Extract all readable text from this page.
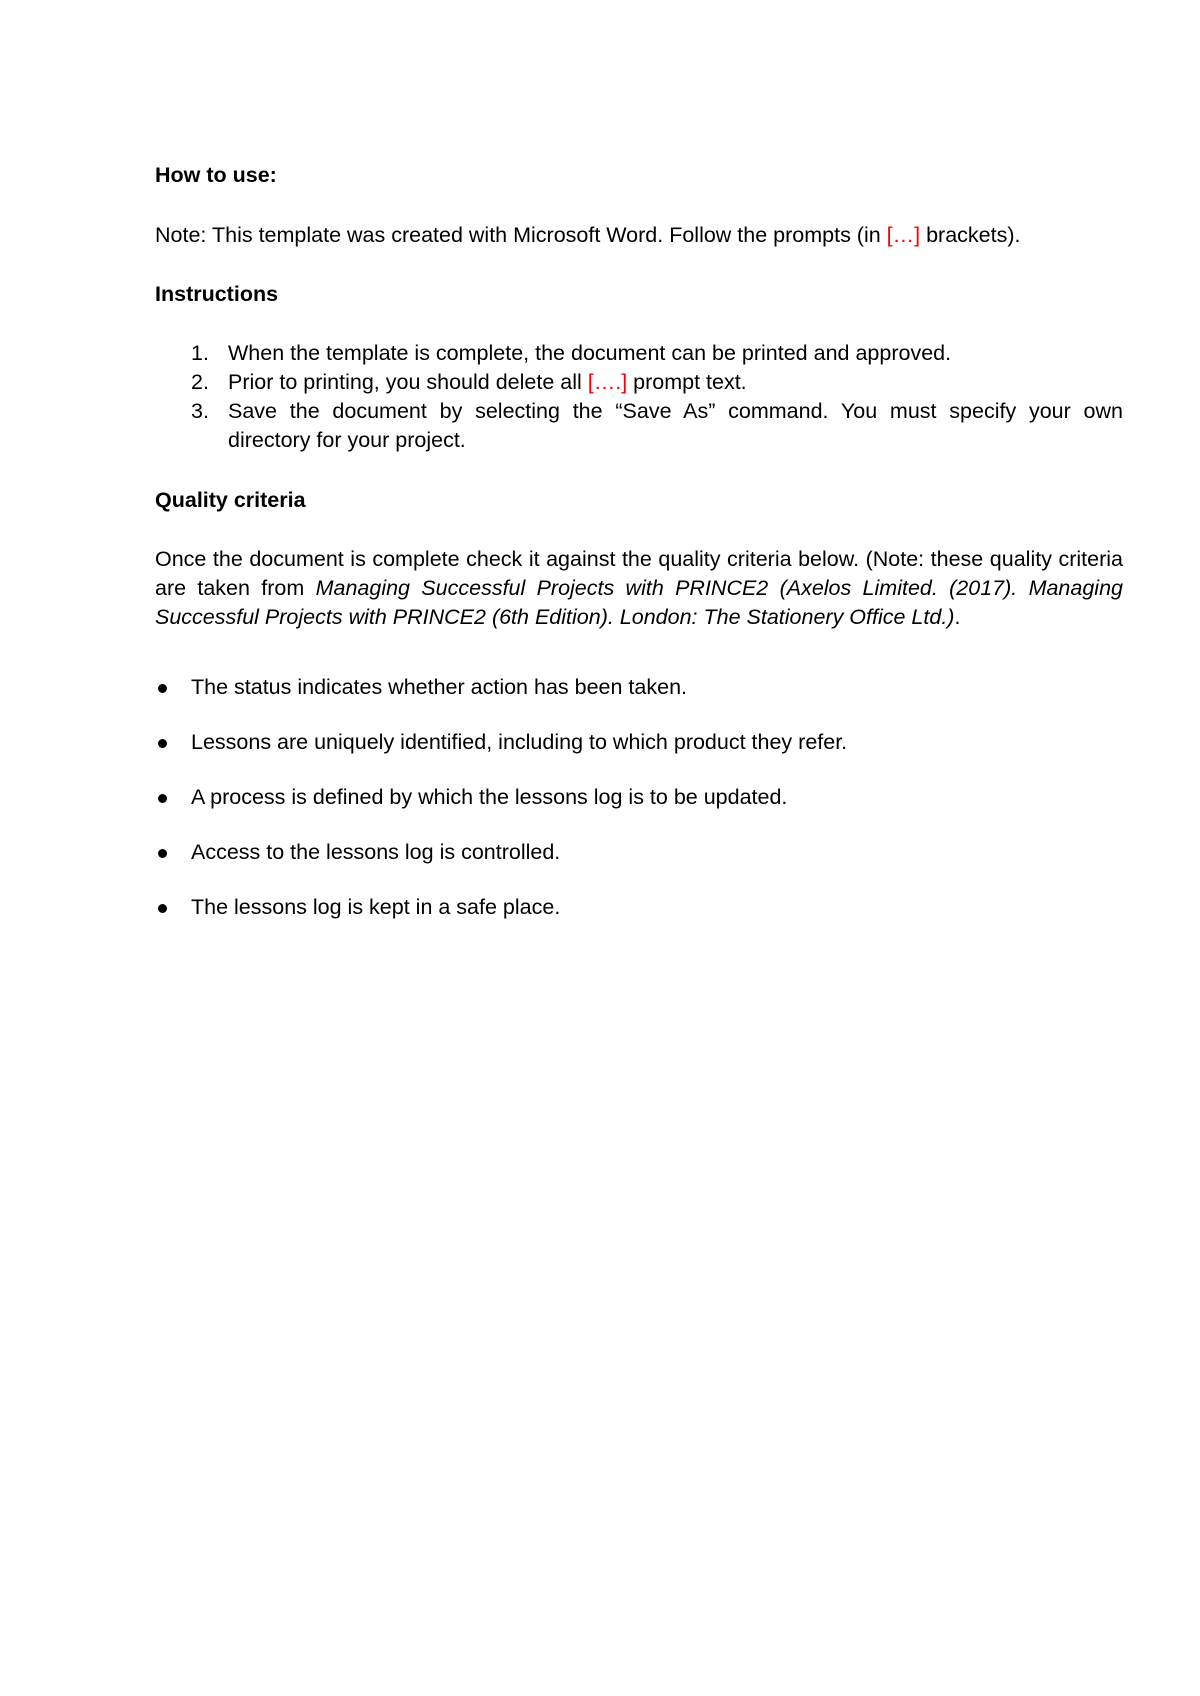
How to use:

Note: This template was created with Microsoft Word. Follow the prompts (in […] brackets).

Instructions

1. When the template is complete, the document can be printed and approved.
2. Prior to printing, you should delete all [….] prompt text.
3. Save the document by selecting the “Save As” command. You must specify your own directory for your project.

Quality criteria

Once the document is complete check it against the quality criteria below. (Note: these quality criteria are taken from Managing Successful Projects with PRINCE2 (Axelos Limited. (2017). Managing Successful Projects with PRINCE2 (6th Edition). London: The Stationery Office Ltd.).

The status indicates whether action has been taken.
Lessons are uniquely identified, including to which product they refer.
A process is defined by which the lessons log is to be updated.
Access to the lessons log is controlled.
The lessons log is kept in a safe place.
